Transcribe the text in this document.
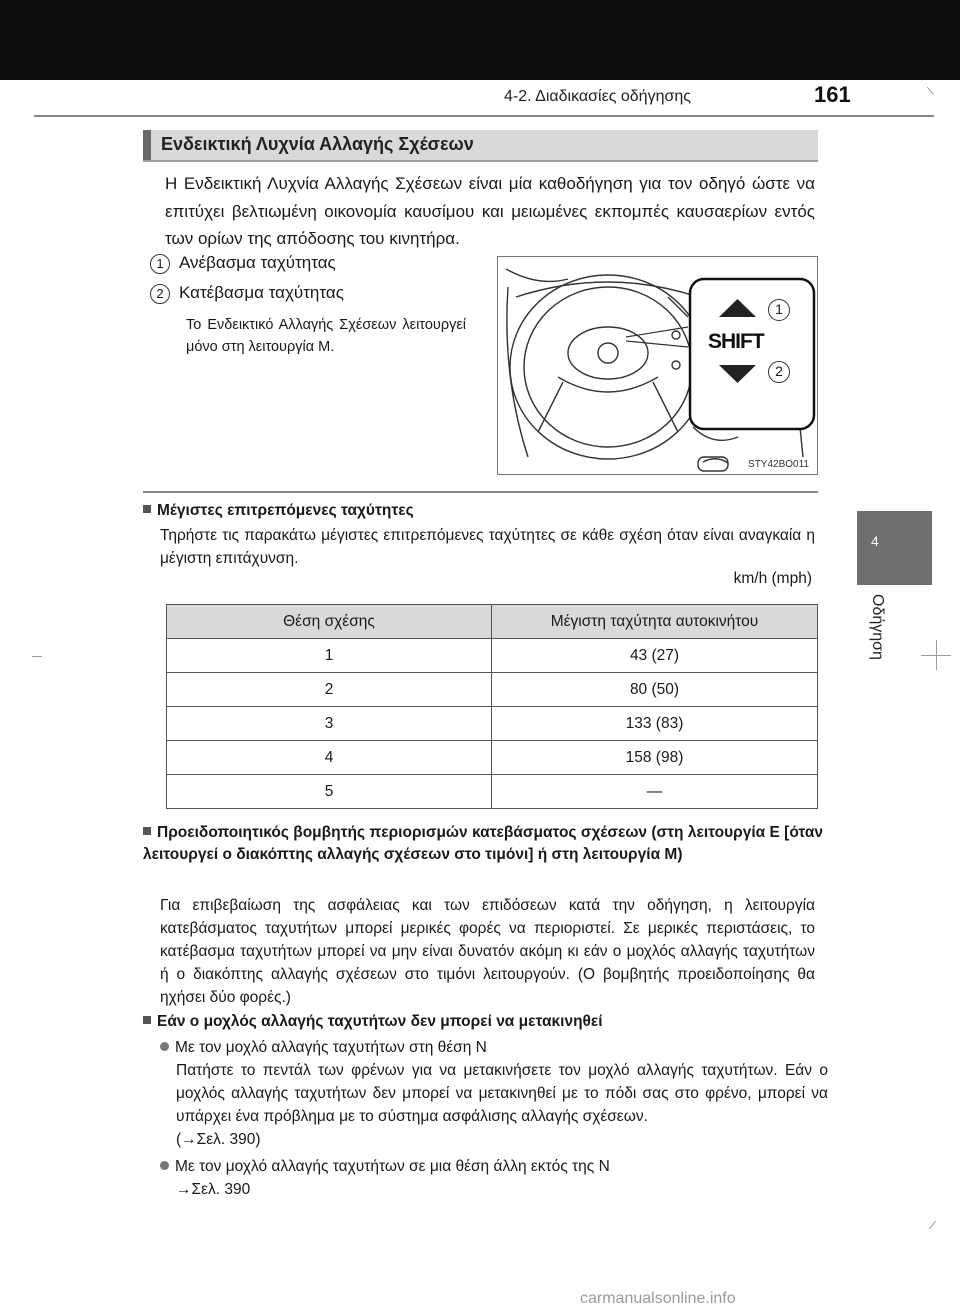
4-2. Διαδικασίες οδήγησης	161
4
Οδήγηση
Ενδεικτική Λυχνία Αλλαγής Σχέσεων
Η Ενδεικτική Λυχνία Αλλαγής Σχέσεων είναι μία καθοδήγηση για τον οδηγό ώστε να επιτύχει βελτιωμένη οικονομία καυσίμου και μειωμένες εκπομπές καυσαερίων εντός των ορίων της απόδοσης του κινητήρα.
1 Ανέβασμα ταχύτητας
2 Κατέβασμα ταχύτητας
Το Ενδεικτικό Αλλαγής Σχέσεων λειτουργεί μόνο στη λειτουργία M.	SHIFT
1
2
STY42BO011
Μέγιστες επιτρεπόμενες ταχύτητες
Τηρήστε τις παρακάτω μέγιστες επιτρεπόμενες ταχύτητες σε κάθε σχέση όταν είναι αναγκαία η μέγιστη επιτάχυνση.
km/h (mph)
Θέση σχέσης	Μέγιστη ταχύτητα αυτοκινήτου
1	43 (27)
2	80 (50)
3	133 (83)
4	158 (98)
5	—
Προειδοποιητικός βομβητής περιορισμών κατεβάσματος σχέσεων (στη λειτουργία E [όταν λειτουργεί ο διακόπτης αλλαγής σχέσεων στο τιμόνι] ή στη λειτουργία M)
Για επιβεβαίωση της ασφάλειας και των επιδόσεων κατά την οδήγηση, η λειτουργία κατεβάσματος ταχυτήτων μπορεί μερικές φορές να περιοριστεί. Σε μερικές περιστάσεις, το κατέβασμα ταχυτήτων μπορεί να μην είναι δυνατόν ακόμη κι εάν ο μοχλός αλλαγής ταχυτήτων ή ο διακόπτης αλλαγής σχέσεων στο τιμόνι λειτουργούν. (Ο βομβητής προειδοποίησης θα ηχήσει δύο φορές.)
Εάν ο μοχλός αλλαγής ταχυτήτων δεν μπορεί να μετακινηθεί
Με τον μοχλό αλλαγής ταχυτήτων στη θέση N
Πατήστε το πεντάλ των φρένων για να μετακινήσετε τον μοχλό αλλαγής ταχυτήτων. Εάν ο μοχλός αλλαγής ταχυτήτων δεν μπορεί να μετακινηθεί με το πόδι σας στο φρένο, μπορεί να υπάρχει ένα πρόβλημα με το σύστημα ασφάλισης αλλαγής σχέσεων.
(→Σελ. 390)
Με τον μοχλό αλλαγής ταχυτήτων σε μια θέση άλλη εκτός της N
→Σελ. 390
carmanualsonline.info
